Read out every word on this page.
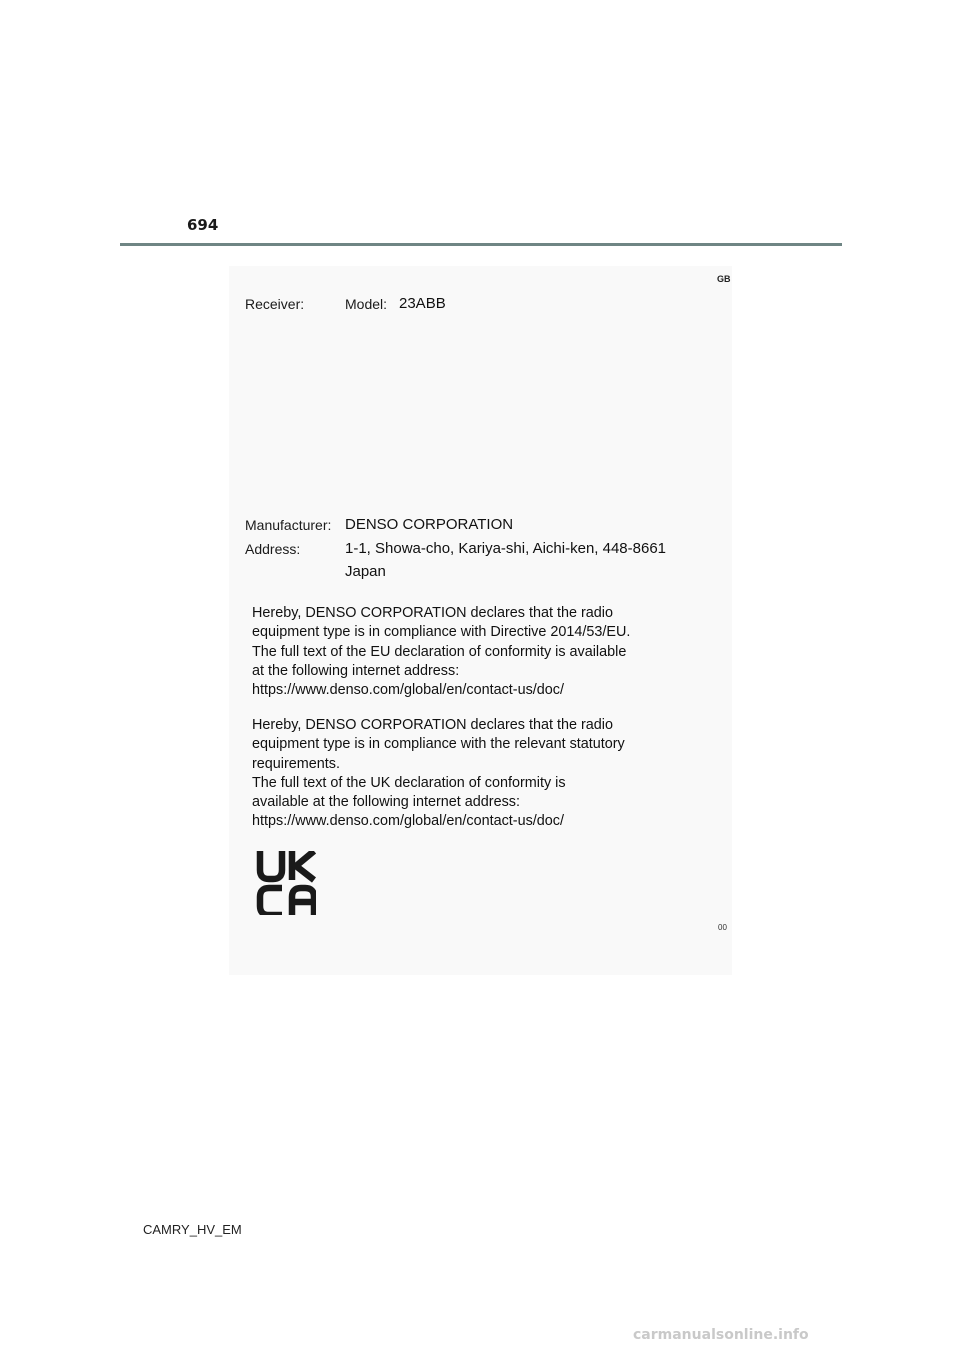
694
GB
Receiver:	Model: 23ABB
Manufacturer: DENSO CORPORATION
Address:	1-1, Showa-cho, Kariya-shi, Aichi-ken, 448-8661
Japan
Hereby, DENSO CORPORATION declares that the radio
equipment type is in compliance with Directive 2014/53/EU.
The full text of the EU declaration of conformity is available
at the following internet address:
https://www.denso.com/global/en/contact-us/doc/
Hereby, DENSO CORPORATION declares that the radio
equipment type is in compliance with the relevant statutory
requirements.
The full text of the UK declaration of conformity is
available at the following internet address:
https://www.denso.com/global/en/contact-us/doc/
00
CAMRY_HV_EM
carmanualsonline.info
